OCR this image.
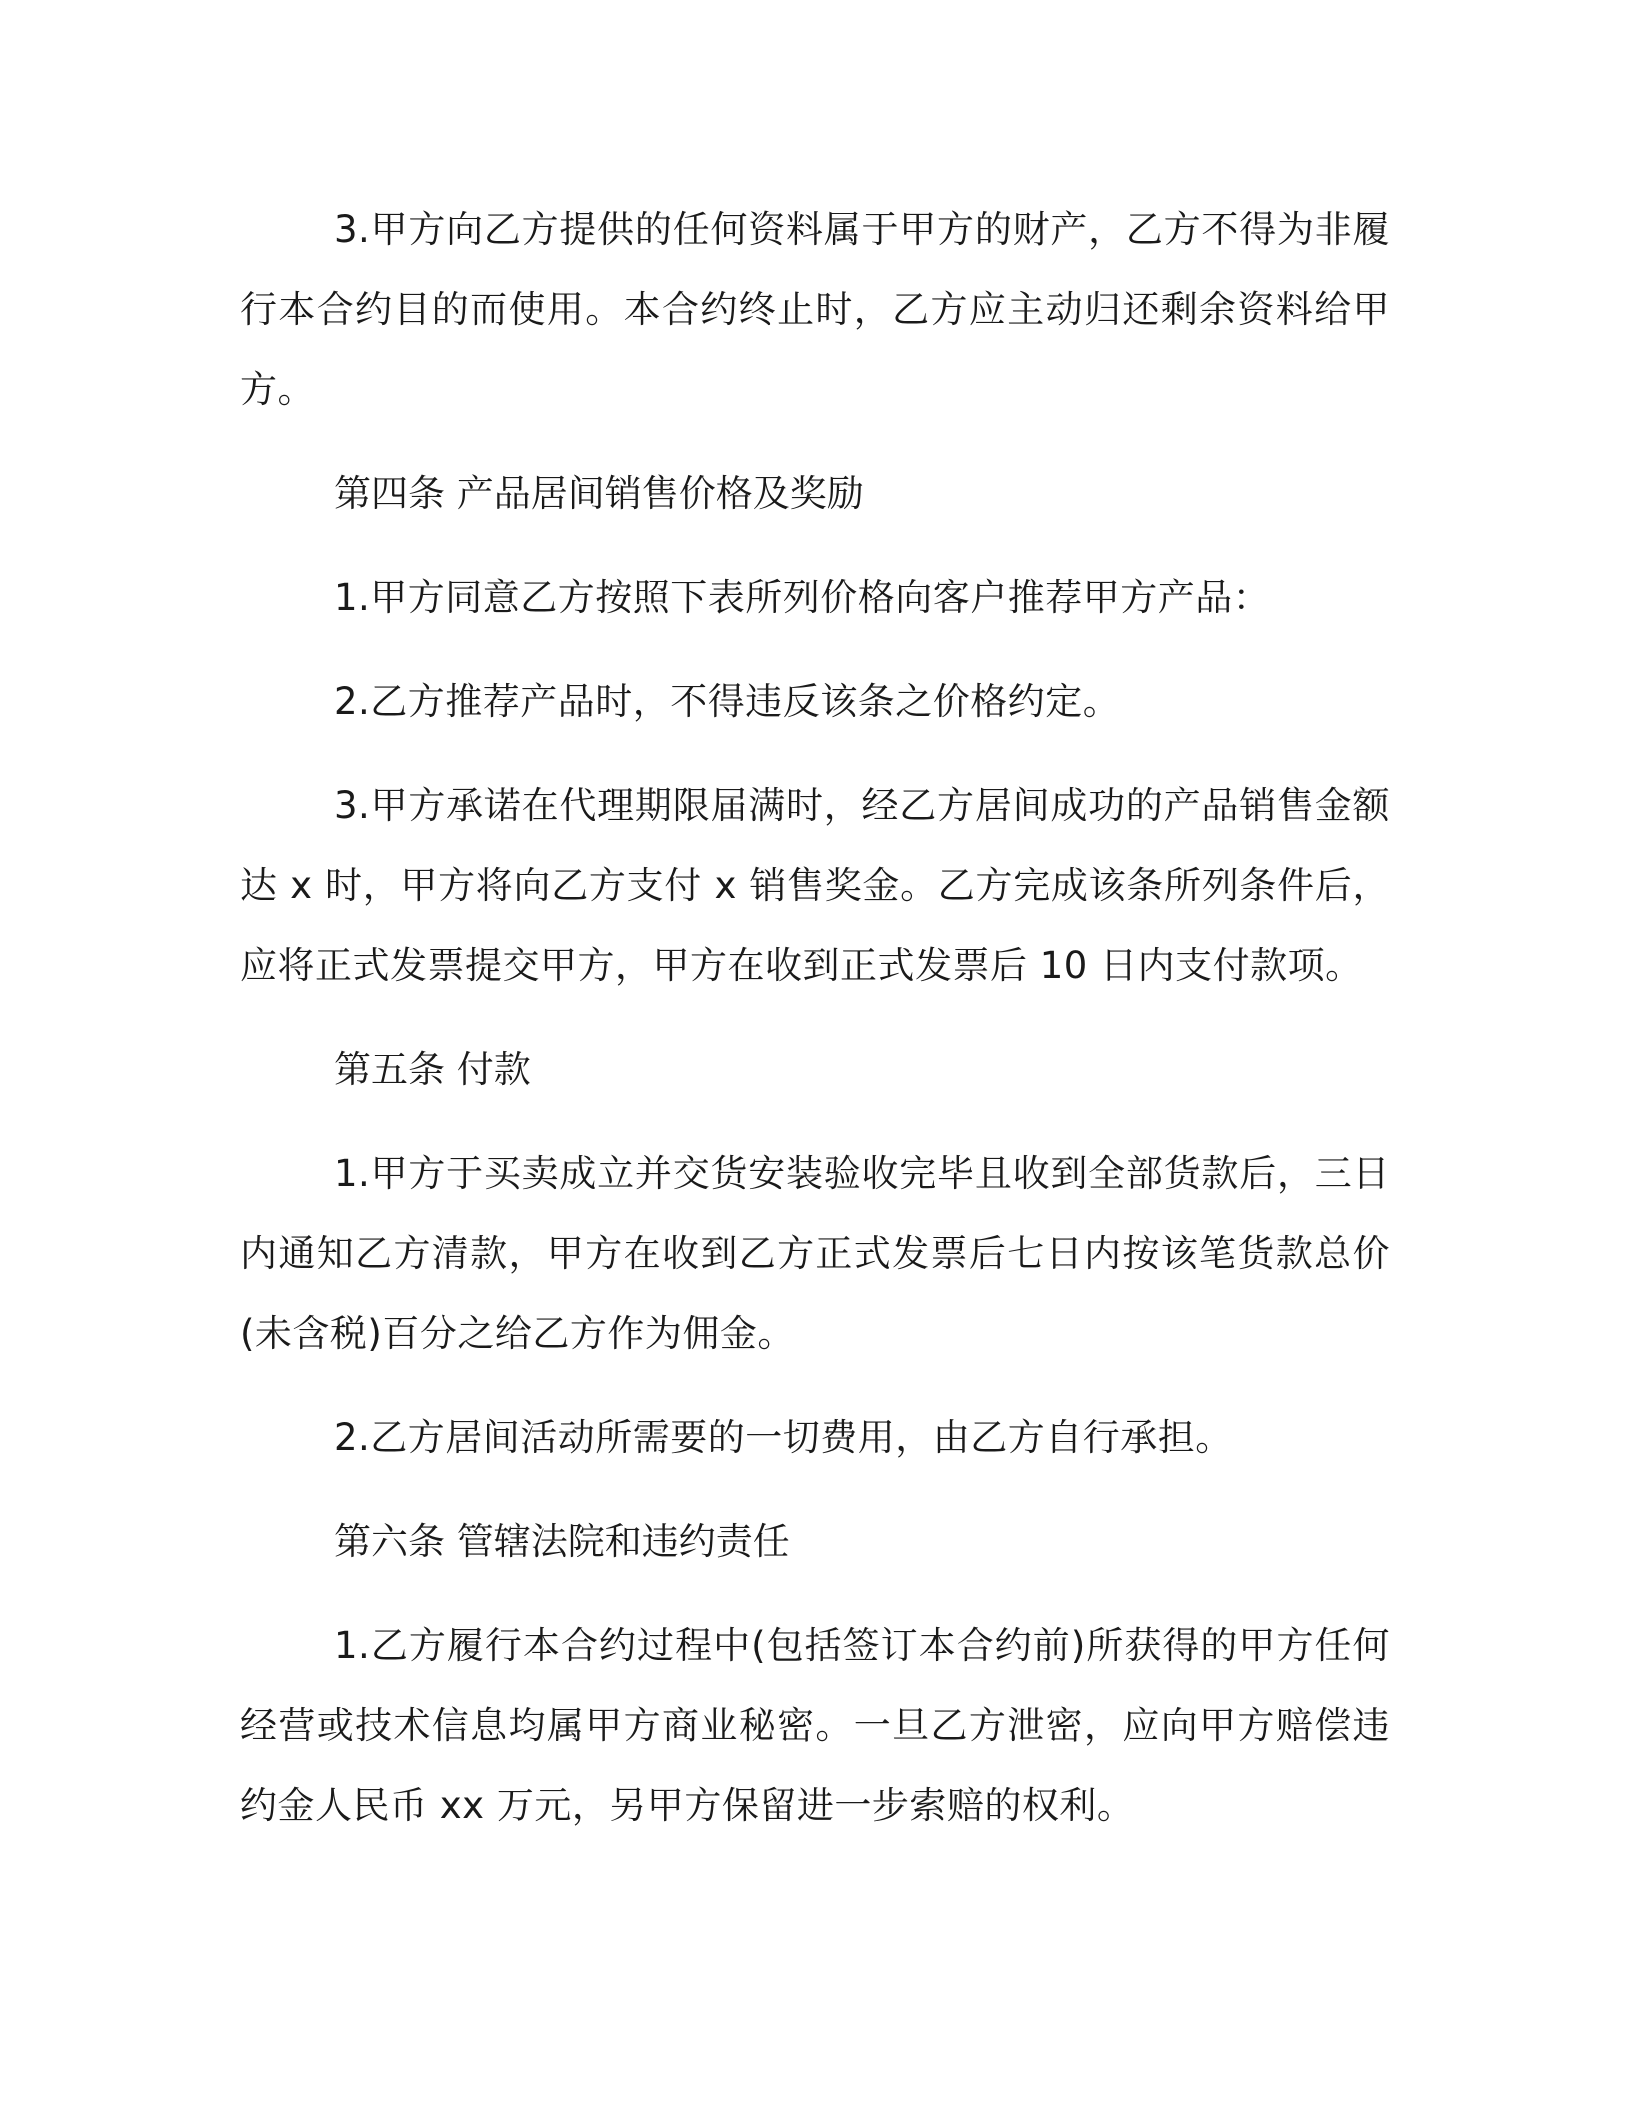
3.甲方向乙方提供的任何资料属于甲方的财产，乙方不得为非履行本合约目的而使用。本合约终止时，乙方应主动归还剩余资料给甲方。

第四条 产品居间销售价格及奖励

1.甲方同意乙方按照下表所列价格向客户推荐甲方产品：

2.乙方推荐产品时，不得违反该条之价格约定。

3.甲方承诺在代理期限届满时，经乙方居间成功的产品销售金额达 x 时，甲方将向乙方支付 x 销售奖金。乙方完成该条所列条件后，应将正式发票提交甲方，甲方在收到正式发票后 10 日内支付款项。

第五条 付款

1.甲方于买卖成立并交货安装验收完毕且收到全部货款后，三日内通知乙方清款，甲方在收到乙方正式发票后七日内按该笔货款总价(未含税)百分之给乙方作为佣金。

2.乙方居间活动所需要的一切费用，由乙方自行承担。

第六条 管辖法院和违约责任

1.乙方履行本合约过程中(包括签订本合约前)所获得的甲方任何经营或技术信息均属甲方商业秘密。一旦乙方泄密，应向甲方赔偿违约金人民币 xx 万元，另甲方保留进一步索赔的权利。
